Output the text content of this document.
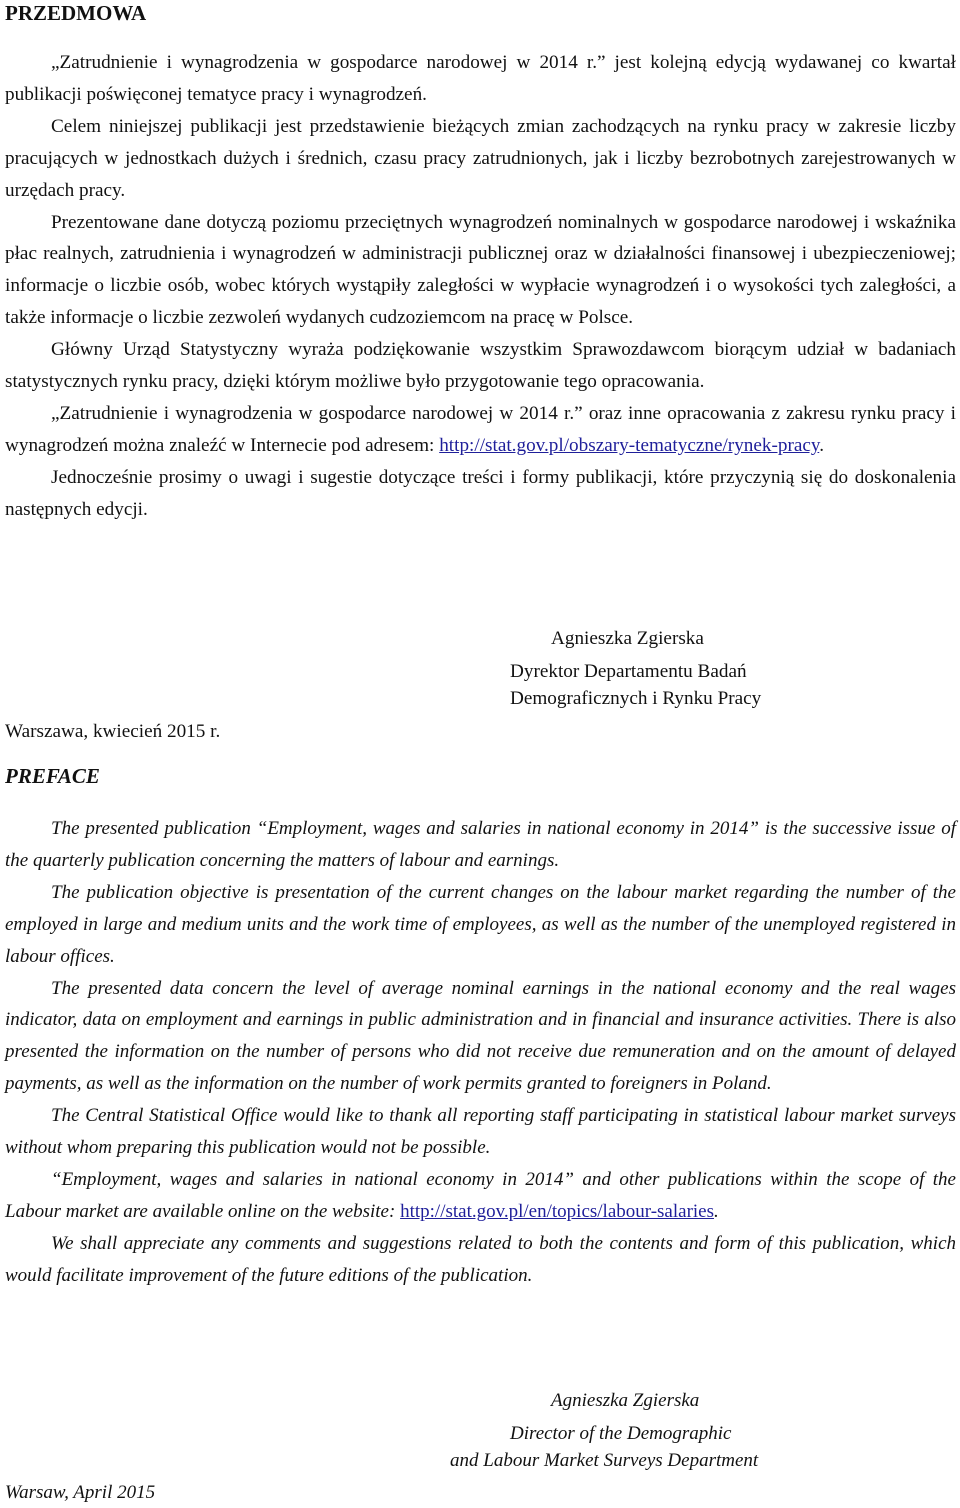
PRZEDMOWA

„Zatrudnienie i wynagrodzenia w gospodarce narodowej w 2014 r.” jest kolejną edycją wydawanej co kwartał publikacji poświęconej tematyce pracy i wynagrodzeń.

Celem niniejszej publikacji jest przedstawienie bieżących zmian zachodzących na rynku pracy w zakresie liczby pracujących w jednostkach dużych i średnich, czasu pracy zatrudnionych, jak i liczby bezrobotnych zarejestrowanych w urzędach pracy.

Prezentowane dane dotyczą poziomu przeciętnych wynagrodzeń nominalnych w gospodarce narodowej i wskaźnika płac realnych, zatrudnienia i wynagrodzeń w administracji publicznej oraz w działalności finansowej i ubezpieczeniowej; informacje o liczbie osób, wobec których wystąpiły zaległości w wypłacie wynagrodzeń i o wysokości tych zaległości, a także informacje o liczbie zezwoleń wydanych cudzoziemcom na pracę w Polsce.

Główny Urząd Statystyczny wyraża podziękowanie wszystkim Sprawozdawcom biorącym udział w badaniach statystycznych rynku pracy, dzięki którym możliwe było przygotowanie tego opracowania.

„Zatrudnienie i wynagrodzenia w gospodarce narodowej w 2014 r.” oraz inne opracowania z zakresu rynku pracy i wynagrodzeń można znaleźć w Internecie pod adresem: http://stat.gov.pl/obszary-tematyczne/rynek-pracy.

Jednocześnie prosimy o uwagi i sugestie dotyczące treści i formy publikacji, które przyczynią się do doskonalenia następnych edycji.

Agnieszka Zgierska
Dyrektor Departamentu Badań
Demograficznych i Rynku Pracy
Warszawa, kwiecień 2015 r.
PREFACE

The presented publication “Employment, wages and salaries in national economy in 2014” is the successive issue of the quarterly publication concerning the matters of labour and earnings.

The publication objective is presentation of the current changes on the labour market regarding the number of the employed in large and medium units and the work time of employees, as well as the number of the unemployed registered in labour offices.

The presented data concern the level of average nominal earnings in the national economy and the real wages indicator, data on employment and earnings in public administration and in financial and insurance activities. There is also presented the information on the number of persons who did not receive due remuneration and on the amount of delayed payments, as well as the information on the number of work permits granted to foreigners in Poland.

The Central Statistical Office would like to thank all reporting staff participating in statistical labour market surveys without whom preparing this publication would not be possible.

“Employment, wages and salaries in national economy in 2014” and other publications within the scope of the Labour market are available online on the website: http://stat.gov.pl/en/topics/labour-salaries.

We shall appreciate any comments and suggestions related to both the contents and form of this publication, which would facilitate improvement of the future editions of the publication.

Agnieszka Zgierska
Director of the Demographic
and Labour Market Surveys Department
Warsaw, April 2015
